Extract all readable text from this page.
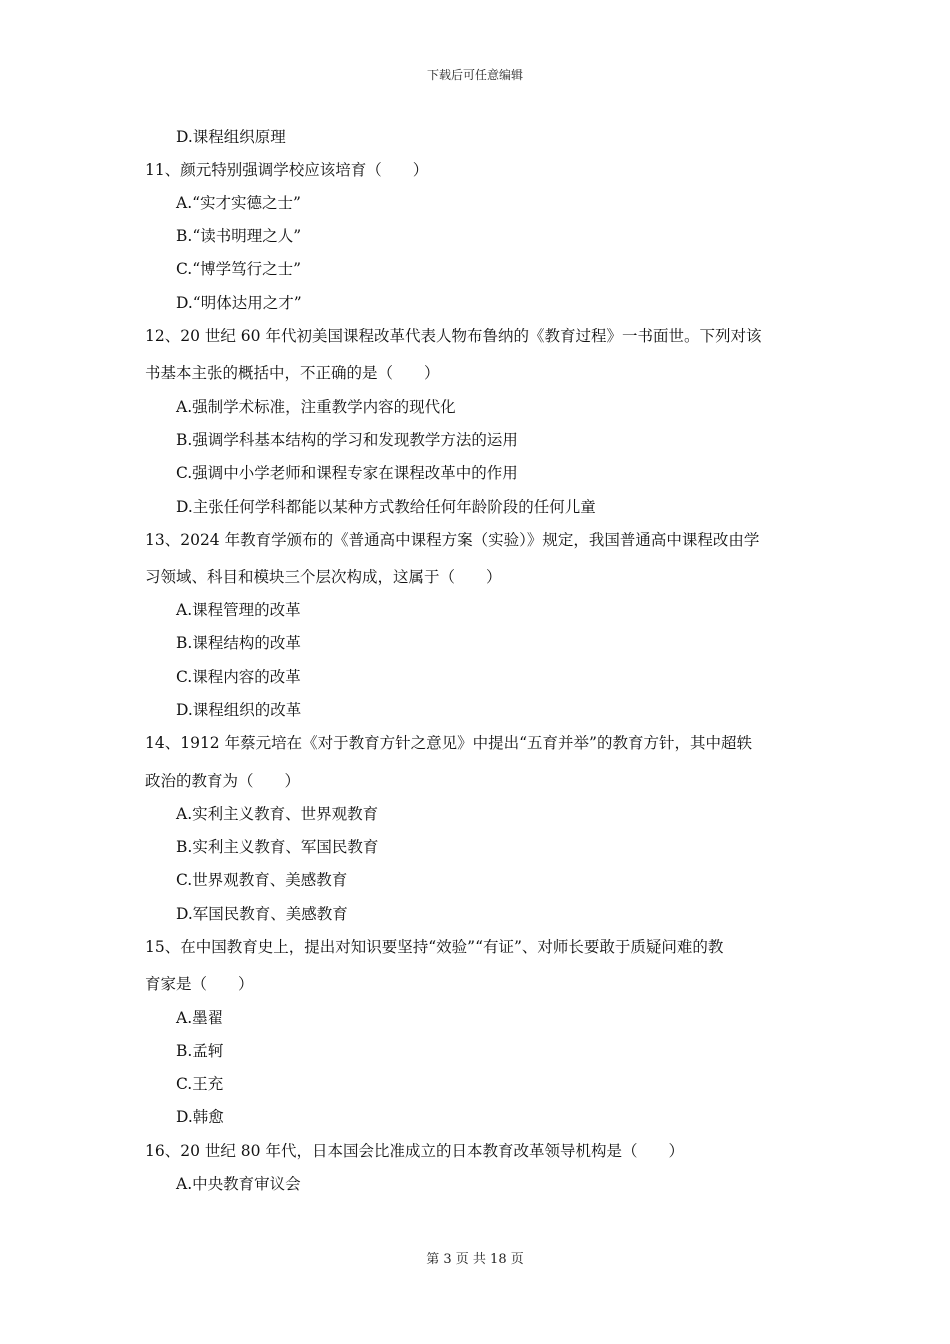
下载后可任意编辑
D.课程组织原理
11、颜元特别强调学校应该培育（　　）
A.“实才实德之士”
B.“读书明理之人”
C.“博学笃行之士”
D.“明体达用之才”
12、20 世纪 60 年代初美国课程改革代表人物布鲁纳的《教育过程》一书面世。下列对该
书基本主张的概括中，不正确的是（　　）
A.强制学术标准，注重教学内容的现代化
B.强调学科基本结构的学习和发现教学方法的运用
C.强调中小学老师和课程专家在课程改革中的作用
D.主张任何学科都能以某种方式教给任何年龄阶段的任何儿童
13、2024 年教育学颁布的《普通高中课程方案（实验）》规定，我国普通高中课程改由学
习领域、科目和模块三个层次构成，这属于（　　）
A.课程管理的改革
B.课程结构的改革
C.课程内容的改革
D.课程组织的改革
14、1912 年蔡元培在《对于教育方针之意见》中提出“五育并举”的教育方针，其中超轶
政治的教育为（　　）
A.实利主义教育、世界观教育
B.实利主义教育、军国民教育
C.世界观教育、美感教育
D.军国民教育、美感教育
15、在中国教育史上，提出对知识要坚持“效验”“有证”、对师长要敢于质疑问难的教
育家是（　　）
A.墨翟
B.孟轲
C.王充
D.韩愈
16、20 世纪 80 年代，日本国会比准成立的日本教育改革领导机构是（　　）
A.中央教育审议会
第 3 页 共 18 页
